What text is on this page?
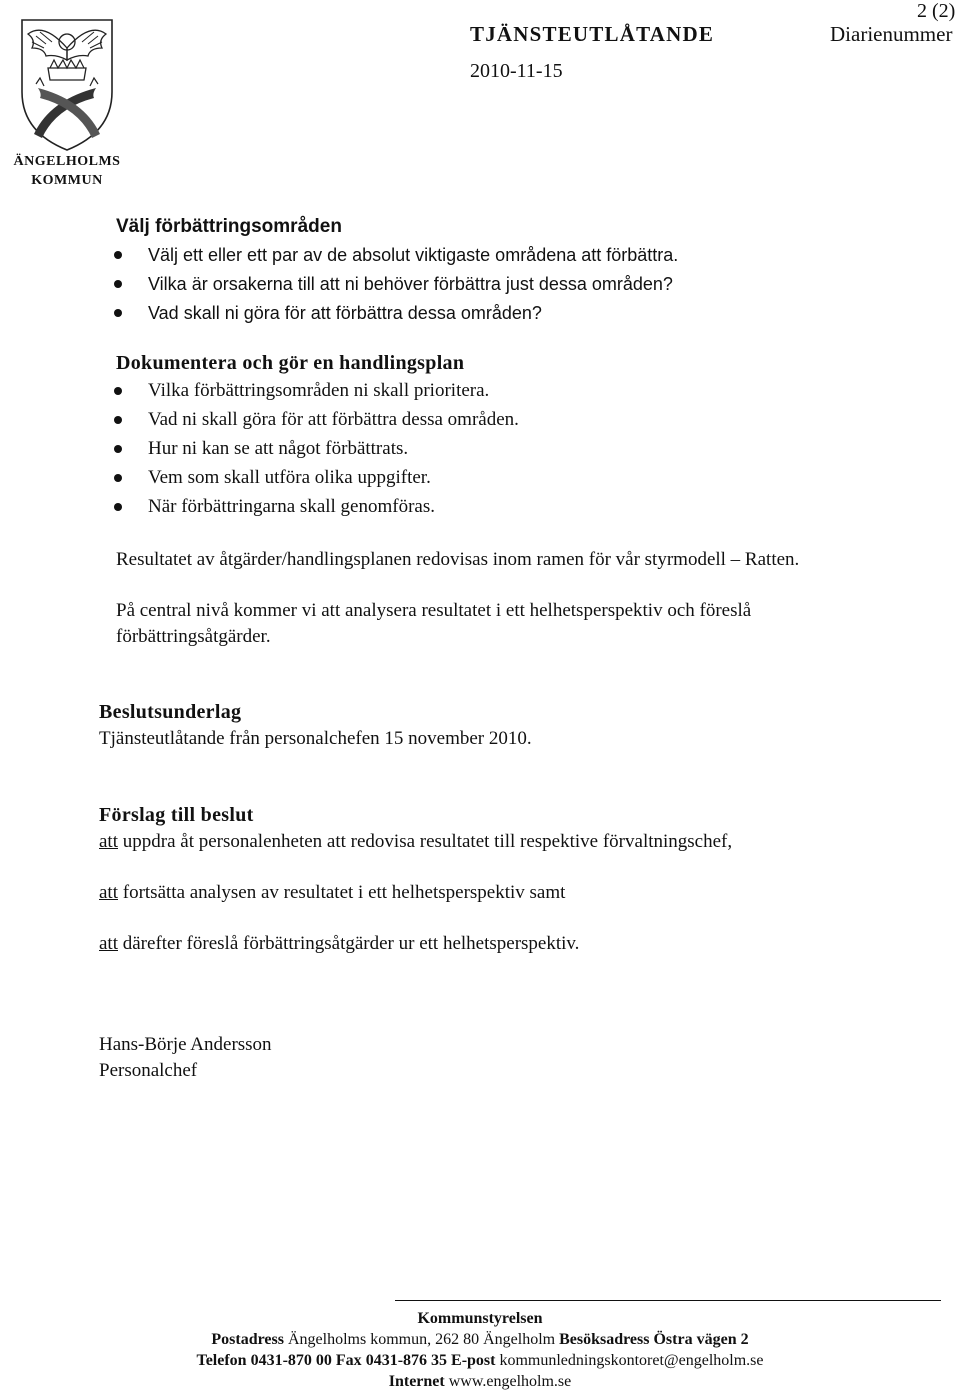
ÄNGELHOLMS
KOMMUN
2 (2)
TJÄNSTEUTLÅTANDE	Diarienummer
2010-11-15
Välj förbättringsområden
Välj ett eller ett par av de absolut viktigaste områdena att förbättra.
Vilka är orsakerna till att ni behöver förbättra just dessa områden?
Vad skall ni göra för att förbättra dessa områden?
Dokumentera och gör en handlingsplan
Vilka förbättringsområden ni skall prioritera.
Vad ni skall göra för att förbättra dessa områden.
Hur ni kan se att något förbättrats.
Vem som skall utföra olika uppgifter.
När förbättringarna skall genomföras.
Resultatet av åtgärder/handlingsplanen redovisas inom ramen för vår styrmodell – Ratten.
På central nivå kommer vi att analysera resultatet i ett helhetsperspektiv och föreslå
förbättringsåtgärder.
Beslutsunderlag
Tjänsteutlåtande från personalchefen 15 november 2010.
Förslag till beslut
att uppdra åt personalenheten att redovisa resultatet till respektive förvaltningschef,
att fortsätta analysen av resultatet i ett helhetsperspektiv samt
att därefter föreslå förbättringsåtgärder ur ett helhetsperspektiv.
Hans-Börje Andersson
Personalchef
Kommunstyrelsen
Postadress Ängelholms kommun, 262 80 Ängelholm Besöksadress Östra vägen 2
Telefon 0431-870 00 Fax 0431-876 35 E-post kommunledningskontoret@engelholm.se
Internet www.engelholm.se
